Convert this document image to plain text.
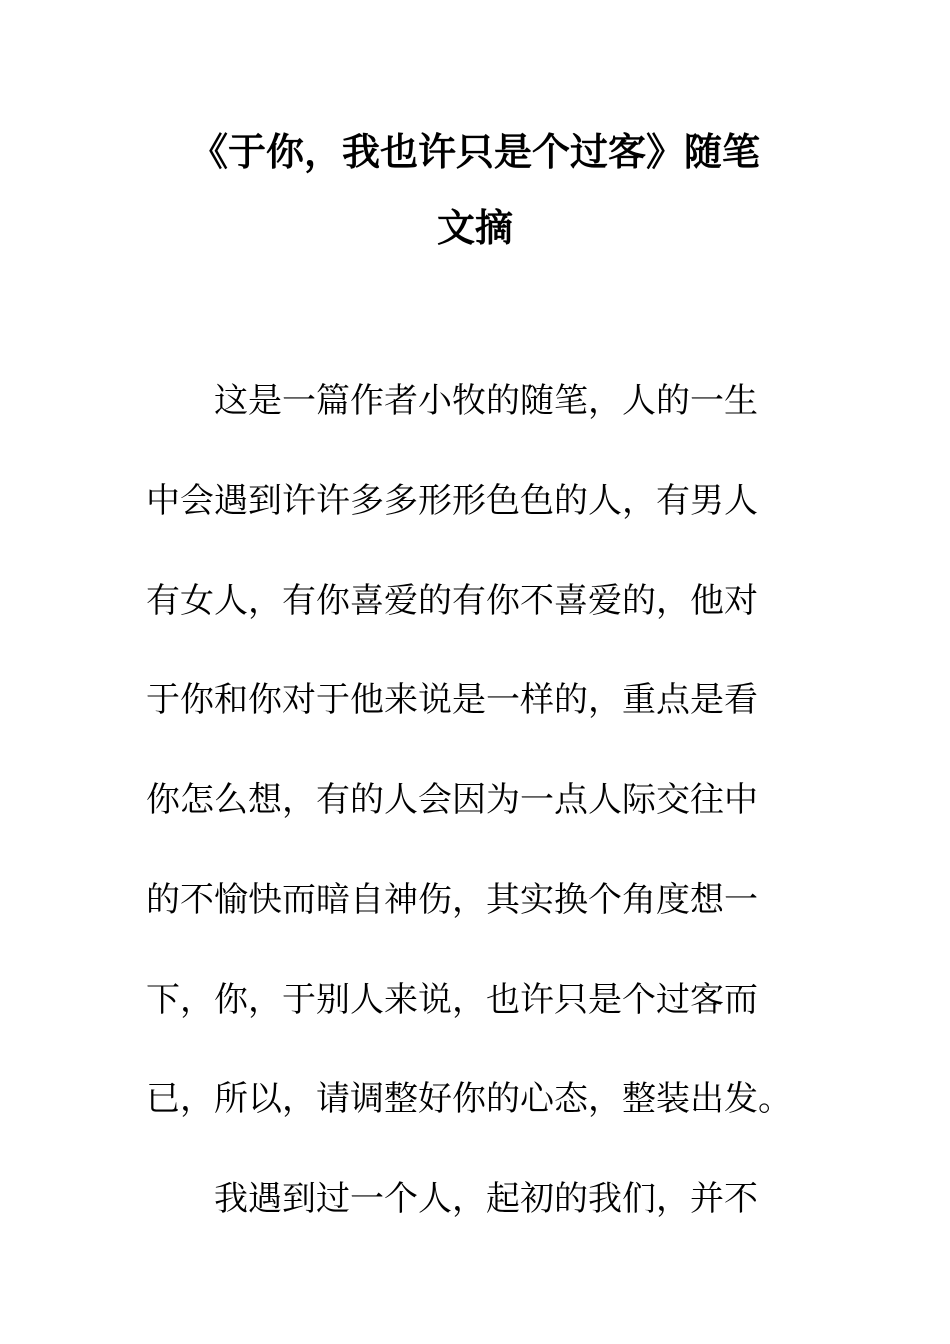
《于你，我也许只是个过客》随笔
文摘
这是一篇作者小牧的随笔，人的一生
中会遇到许许多多形形色色的人，有男人
有女人，有你喜爱的有你不喜爱的，他对
于你和你对于他来说是一样的，重点是看
你怎么想，有的人会因为一点人际交往中
的不愉快而暗自神伤，其实换个角度想一
下，你，于别人来说，也许只是个过客而
已，所以，请调整好你的心态，整装出发。
我遇到过一个人，起初的我们，并不
